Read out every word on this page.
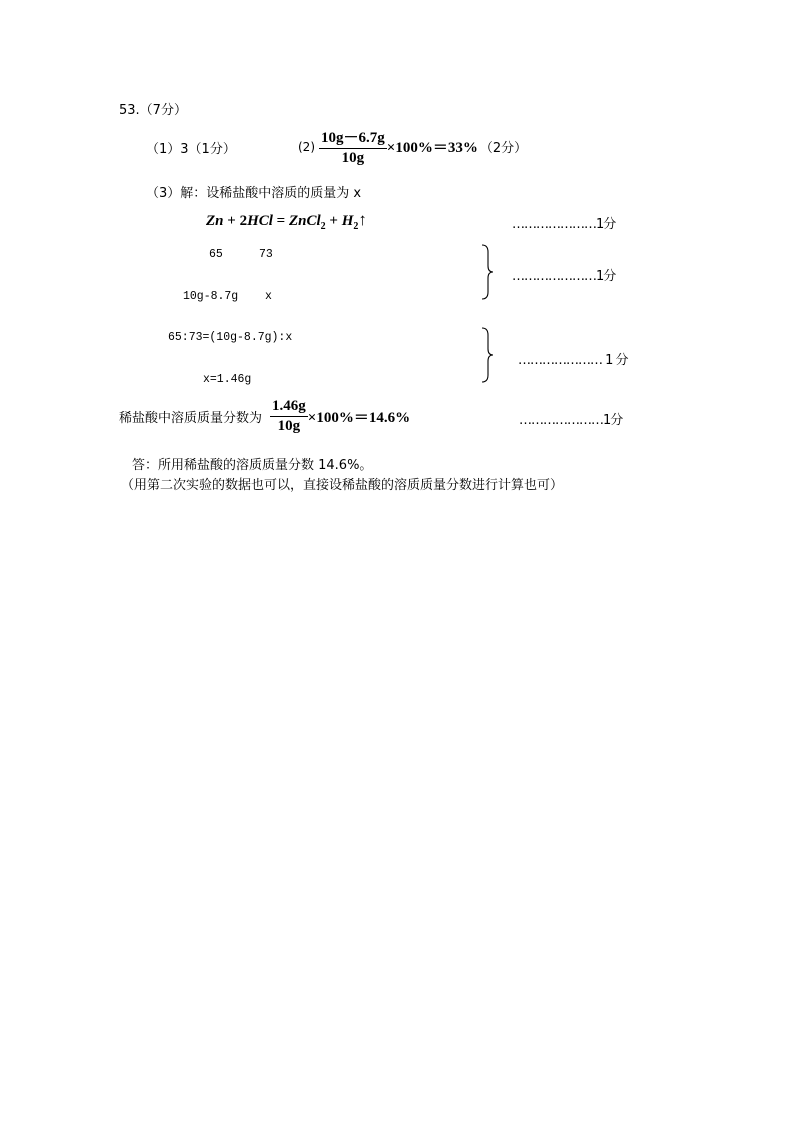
53.（7分）
（1）3（1分）	$(2) \frac{10g-6.7g}{10g} \times 100\%=33\%$ （2分）
（3）解：设稀盐酸中溶质的质量为 x
Zn + 2HCl = ZnCl$_2$ + $H_2↑$	…………………1分
65	73
10g-8.7g x
…………………1分
65:73=(10g-8.7g):x
x=1.46g
………………… 1 分
稀盐酸中溶质质量分数为 $\frac{1.46g}{10g} \times 100\%=14.6\%$	…………………1分
答：所用稀盐酸的溶质质量分数 14.6%。
（用第二次实验的数据也可以，直接设稀盐酸的溶质质量分数进行计算也可）
